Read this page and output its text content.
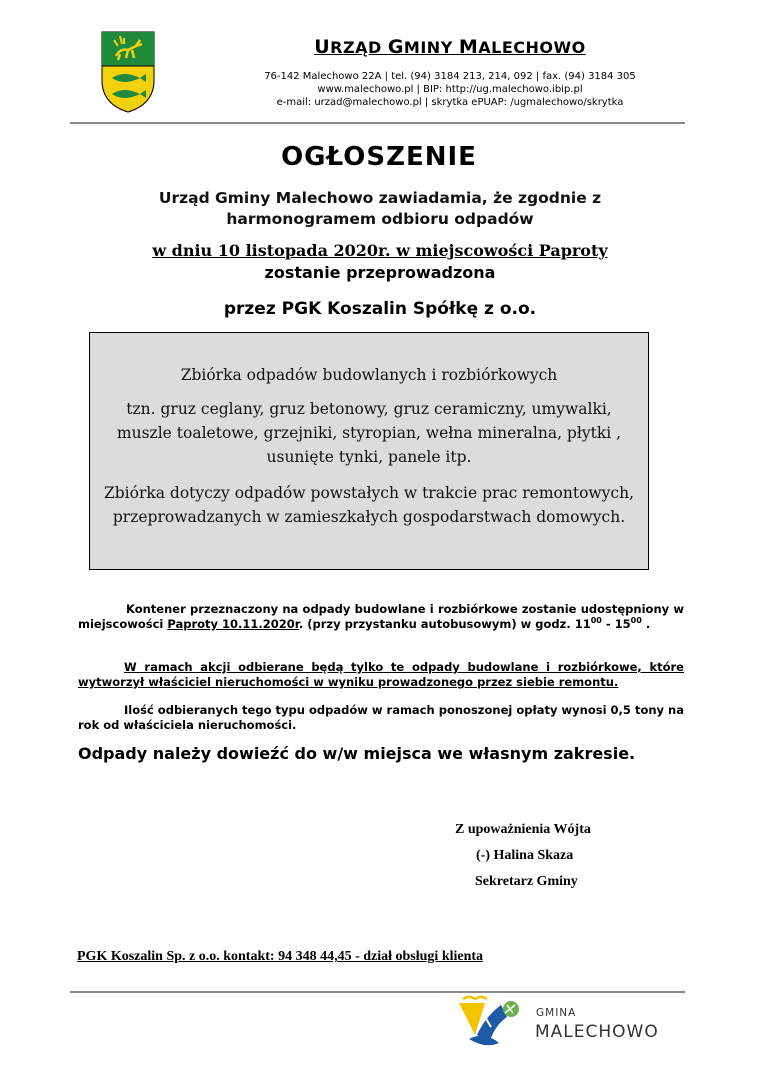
URZĄD GMINY MALECHOWO
76-142 Malechowo 22A | tel. (94) 3184 213, 214, 092 | fax. (94) 3184 305
www.malechowo.pl | BIP: http://ug.malechowo.ibip.pl
e-mail: urzad@malechowo.pl | skrytka ePUAP: /ugmalechowo/skrytka
OGŁOSZENIE
Urząd Gminy Malechowo zawiadamia, że zgodnie z
harmonogramem odbioru odpadów
w dniu 10 listopada 2020r. w miejscowości Paproty
zostanie przeprowadzona
przez PGK Koszalin Spółkę z o.o.

Zbiórka odpadów budowlanych i rozbiórkowych

tzn. gruz ceglany, gruz betonowy, gruz ceramiczny, umywalki, muszle toaletowe, grzejniki, styropian, wełna mineralna, płytki , usunięte tynki, panele itp.

Zbiórka dotyczy odpadów powstałych w trakcie prac remontowych, przeprowadzanych w zamieszkałych gospodarstwach domowych.

Kontener przeznaczony na odpady budowlane i rozbiórkowe zostanie udostępniony w miejscowości Paproty 10.11.2020r. (przy przystanku autobusowym) w godz. $11^{00} - 15^{00}$ .
W ramach akcji odbierane będą tylko te odpady budowlane i rozbiórkowe, które wytworzył właściciel nieruchomości w wyniku prowadzonego przez siebie remontu.
Ilość odbieranych tego typu odpadów w ramach ponoszonej opłaty wynosi 0,5 tony na rok od właściciela nieruchomości.
Odpady należy dowieźć do w/w miejsca we własnym zakresie.
Z upoważnienia Wójta
(-) Halina Skaza
Sekretarz Gminy
PGK Koszalin Sp. z o.o. kontakt: 94 348 44,45 - dział obsługi klienta
GMINA
MALECHOWO
